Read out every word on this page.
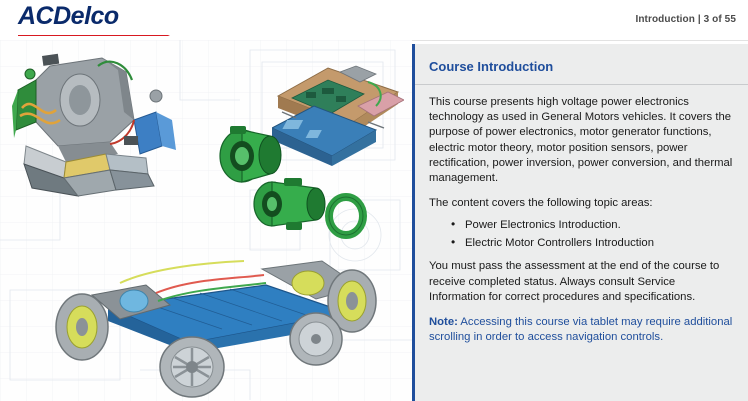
ACDelco	Introduction | 3 of 55
Course Introduction

This course presents high voltage power electronics technology as used in General Motors vehicles. It covers the purpose of power electronics, motor generator functions, electric motor theory, motor position sensors, power rectification, power inversion, power conversion, and thermal management.

The content covers the following topic areas:

• Power Electronics Introduction.
• Electric Motor Controllers Introduction

You must pass the assessment at the end of the course to receive completed status. Always consult Service Information for correct procedures and specifications.

Note: Accessing this course via tablet may require additional scrolling in order to access navigation controls.
